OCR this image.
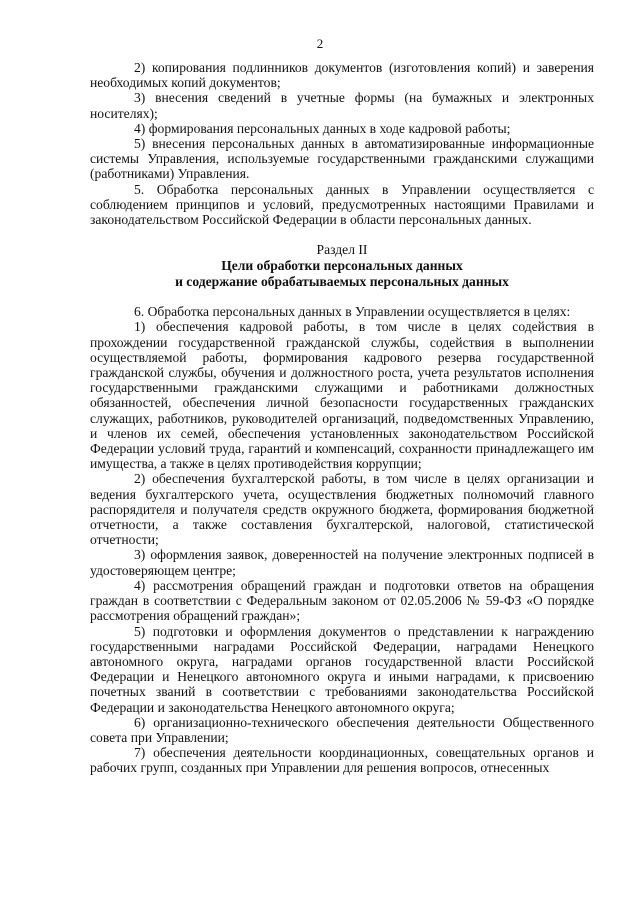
2

2) копирования подлинников документов (изготовления копий) и заверения необходимых копий документов;

3) внесения сведений в учетные формы (на бумажных и электронных носителях);

4) формирования персональных данных в ходе кадровой работы;

5) внесения персональных данных в автоматизированные информационные системы Управления, используемые государственными гражданскими служащими (работниками) Управления.

5. Обработка персональных данных в Управлении осуществляется с соблюдением принципов и условий, предусмотренных настоящими Правилами и законодательством Российской Федерации в области персональных данных.

Раздел II
Цели обработки персональных данных
и содержание обрабатываемых персональных данных

6. Обработка персональных данных в Управлении осуществляется в целях:

1) обеспечения кадровой работы, в том числе в целях содействия в прохождении государственной гражданской службы, содействия в выполнении осуществляемой работы, формирования кадрового резерва государственной гражданской службы, обучения и должностного роста, учета результатов исполнения государственными гражданскими служащими и работниками должностных обязанностей, обеспечения личной безопасности государственных гражданских служащих, работников, руководителей организаций, подведомственных Управлению, и членов их семей, обеспечения установленных законодательством Российской Федерации условий труда, гарантий и компенсаций, сохранности принадлежащего им имущества, а также в целях противодействия коррупции;

2) обеспечения бухгалтерской работы, в том числе в целях организации и ведения бухгалтерского учета, осуществления бюджетных полномочий главного распорядителя и получателя средств окружного бюджета, формирования бюджетной отчетности, а также составления бухгалтерской, налоговой, статистической отчетности;

3) оформления заявок, доверенностей на получение электронных подписей в удостоверяющем центре;

4) рассмотрения обращений граждан и подготовки ответов на обращения граждан в соответствии с Федеральным законом от 02.05.2006 № 59-ФЗ «О порядке рассмотрения обращений граждан»;

5) подготовки и оформления документов о представлении к награждению государственными наградами Российской Федерации, наградами Ненецкого автономного округа, наградами органов государственной власти Российской Федерации и Ненецкого автономного округа и иными наградами, к присвоению почетных званий в соответствии с требованиями законодательства Российской Федерации и законодательства Ненецкого автономного округа;

6) организационно-технического обеспечения деятельности Общественного совета при Управлении;

7) обеспечения деятельности координационных, совещательных органов и рабочих групп, созданных при Управлении для решения вопросов, отнесенных
